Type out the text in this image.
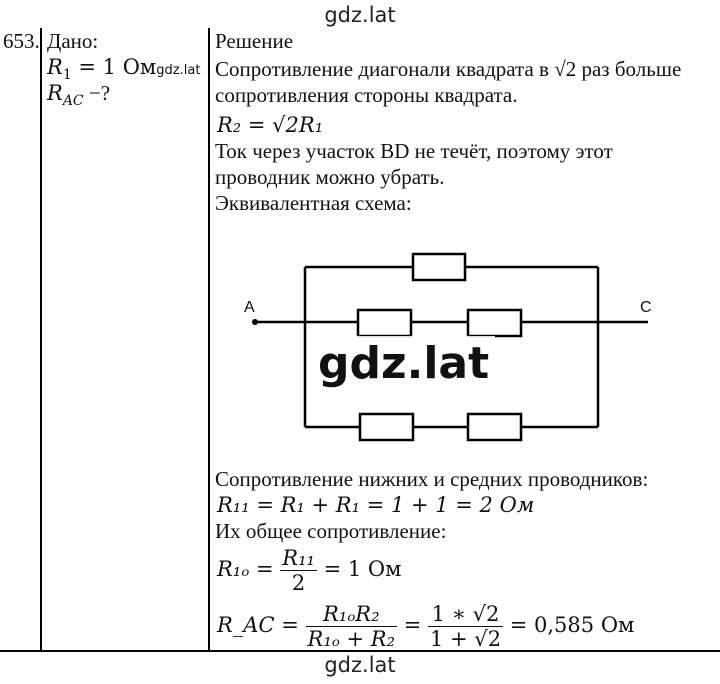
gdz.lat
gdz.lat
653. Дано:
$R_1 = 1$ Омgdz.lat
$R_{AC}$ −?
Решение
Сопротивление диагонали квадрата в √2 раз больше
сопротивления стороны квадрата.
R₂ = √2R₁
Ток через участок BD не течёт, поэтому этот
проводник можно убрать.
Эквивалентная схема:
A	C
gdz.lat
Сопротивление нижних и средних проводников:
R₁₁ = R₁ + R₁ = 1 + 1 = 2 Ом
Их общее сопротивление:
$R_{1o} = \frac{\text{R₁₁}}{2} = 1$ Ом
R_AC = $\frac{\text{R₁ₒR₂}}{\text{R₁ₒ + R₂}} = \frac{1 ∗ √2}{1 + √2} = 0,585$ Ом
